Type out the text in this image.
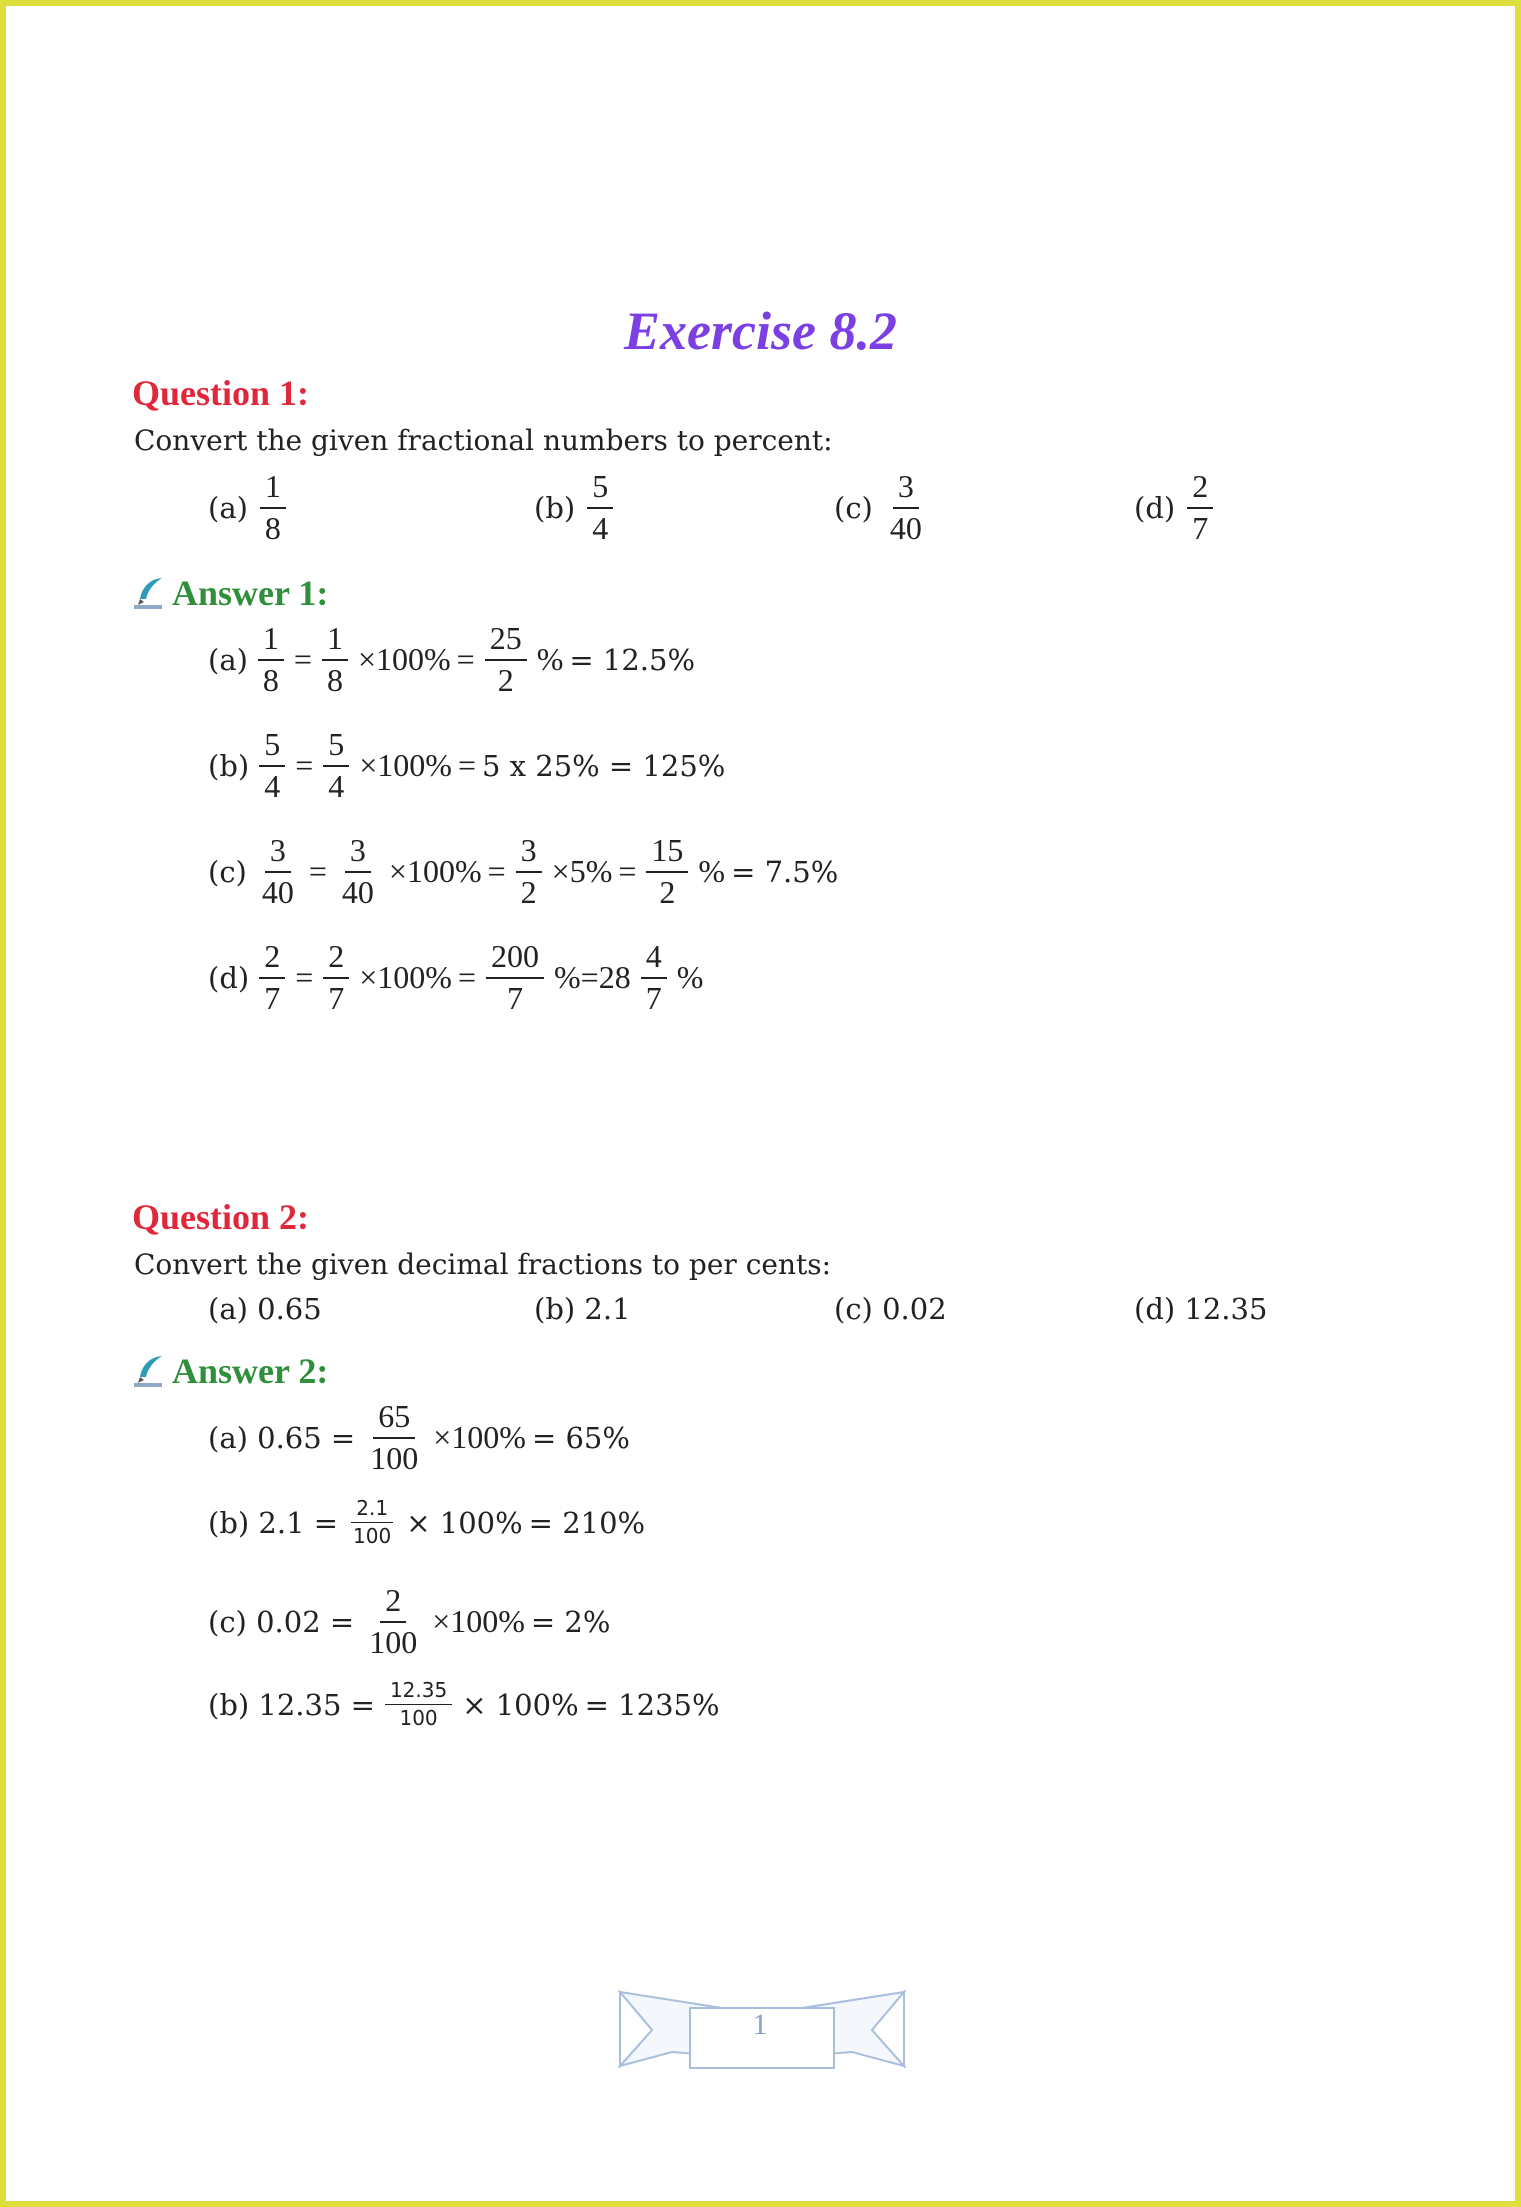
Exercise 8.2
Question 1:
Convert the given fractional numbers to percent:
$(a) \frac{1}{8}$	$(b) \frac{5}{4}$	$(c) \frac{3}{40}$	$(d) \frac{2}{7}$
Answer 1:
$(a) \frac{1}{8} = \frac{1}{8} \times 100\% = \frac{25}{2}$ % = 12.5%
$(b) \frac{5}{4} = \frac{5}{4} \times 100\% = 5$ x 25% = 125%
$(c) \frac{3}{40} = \frac{3}{40} \times 100\% = \frac{3}{2} \times 5\% = \frac{15}{2}$ % = 7.5%
$(d) \frac{2}{7} = \frac{2}{7} \times 100\% = \frac{200}{7} \%=28 \frac{4}{7}$ %
Question 2:
Convert the given decimal fractions to per cents:
(a) 0.65	(b) 2.1	(c) 0.02	(d) 12.35
Answer 2:
(a) $0.65 = \frac{65}{100} \times 100\% = 65\%$
(b) $2.1 = \frac{2.1}{100} \times 100\% = 210\%$
(c) $0.02 = \frac{2}{100} \times 100\% = 2\%$
(b) $12.35 = \frac{12.35}{100} \times 100\% = 1235\%$
1
